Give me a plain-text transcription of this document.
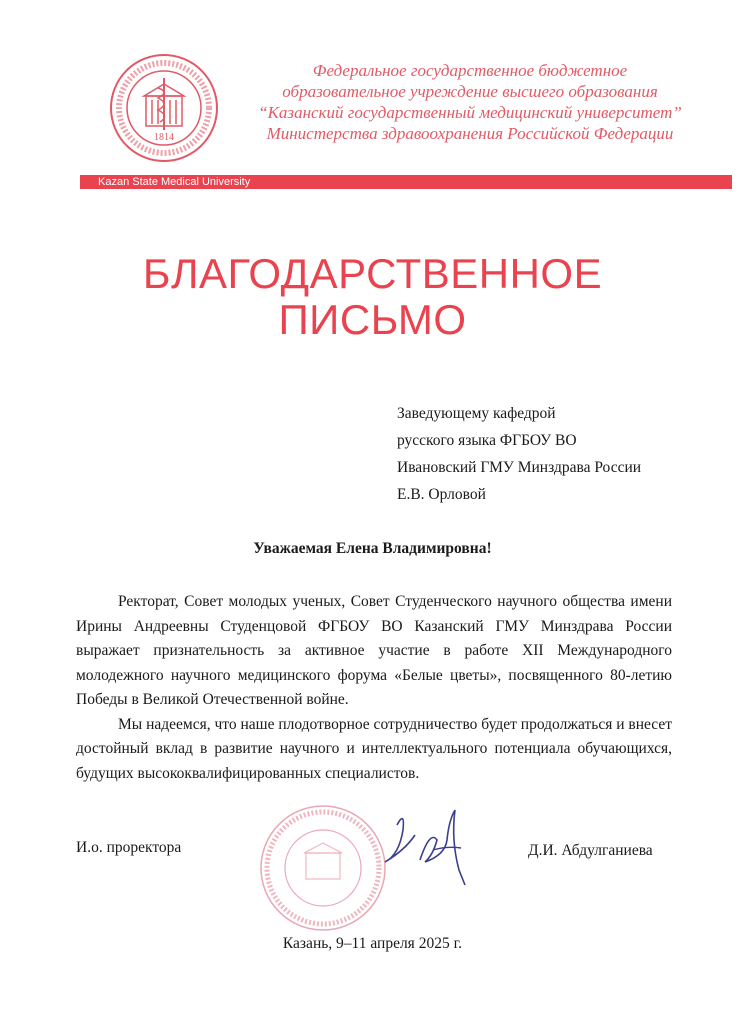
1814
Федеральное государственное бюджетное
образовательное учреждение высшего образования
“Казанский государственный медицинский университет”
Министерства здравоохранения Российской Федерации
Kazan State Medical University
БЛАГОДАРСТВЕННОЕ
ПИСЬМО
Заведующему кафедрой
русского языка ФГБОУ ВО
Ивановский ГМУ Минздрава России
Е.В. Орловой
Уважаемая Елена Владимировна!

Ректорат, Совет молодых ученых, Совет Студенческого научного общества имени Ирины Андреевны Студенцовой ФГБОУ ВО Казанский ГМУ Минздрава России выражает признательность за активное участие в работе XII Международного молодежного научного медицинского форума «Белые цветы», посвященного 80-летию Победы в Великой Отечественной войне.

Мы надеемся, что наше плодотворное сотрудничество будет продолжаться и внесет достойный вклад в развитие научного и интеллектуального потенциала обучающихся, будущих высококвалифицированных специалистов.

И.о. проректора	Д.И. Абдулганиева
Казань, 9–11 апреля 2025 г.
